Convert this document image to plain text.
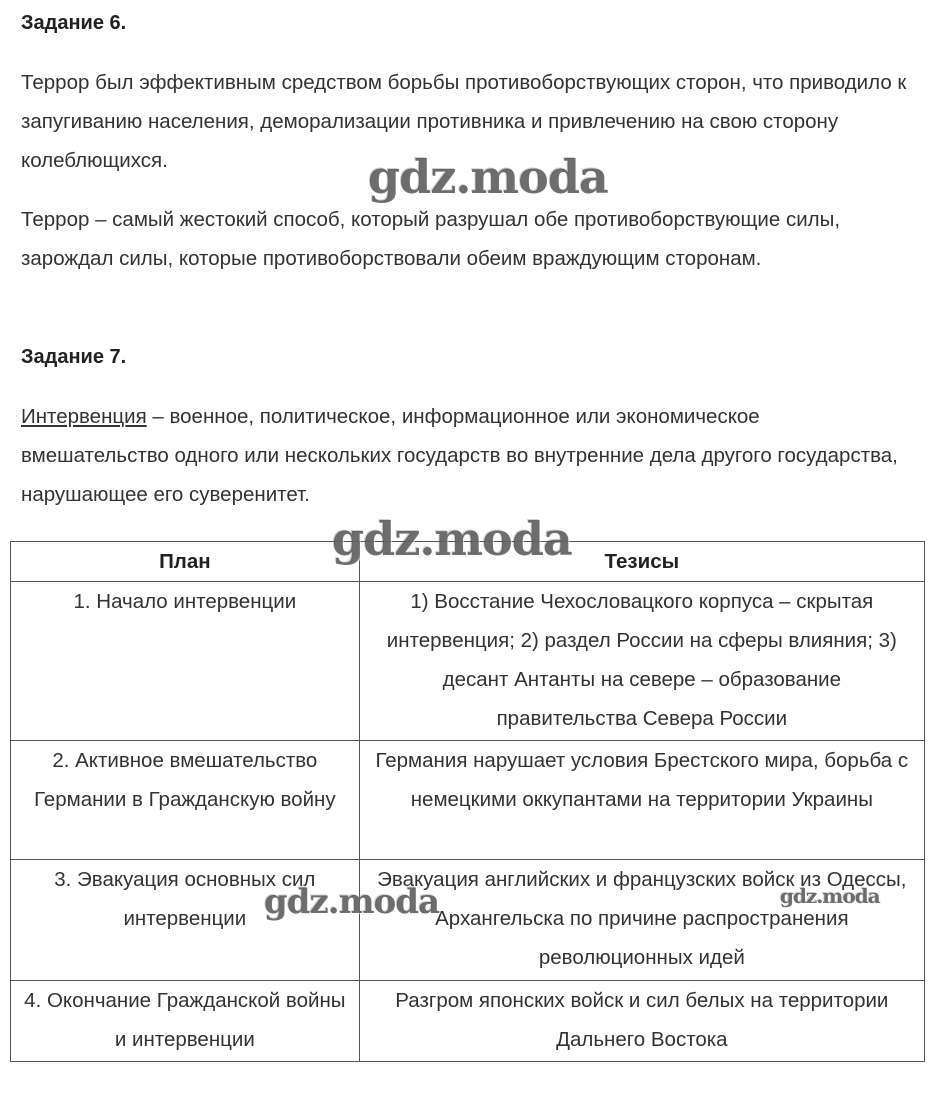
Задание 6.

Террор был эффективным средством борьбы противоборствующих сторон, что приводило к запугиванию населения, деморализации противника и привлечению на свою сторону колеблющихся.

Террор – самый жестокий способ, который разрушал обе противоборствующие силы, зарождал силы, которые противоборствовали обеим враждующим сторонам.

Задание 7.

Интервенция – военное, политическое, информационное или экономическое вмешательство одного или нескольких государств во внутренние дела другого государства, нарушающее его суверенитет.

План	Тезисы
1. Начало интервенции	1) Восстание Чехословацкого корпуса – скрытая интервенция; 2) раздел России на сферы влияния; 3) десант Антанты на севере – образование правительства Севера России
2. Активное вмешательство Германии в Гражданскую войну	Германия нарушает условия Брестского мира, борьба с немецкими оккупантами на территории Украины
3. Эвакуация основных сил интервенции	Эвакуация английских и французских войск из Одессы, Архангельска по причине распространения революционных идей
4. Окончание Гражданской войны и интервенции	Разгром японских войск и сил белых на территории Дальнего Востока
gdz.moda
gdz.moda
gdz.moda	gdz.moda
